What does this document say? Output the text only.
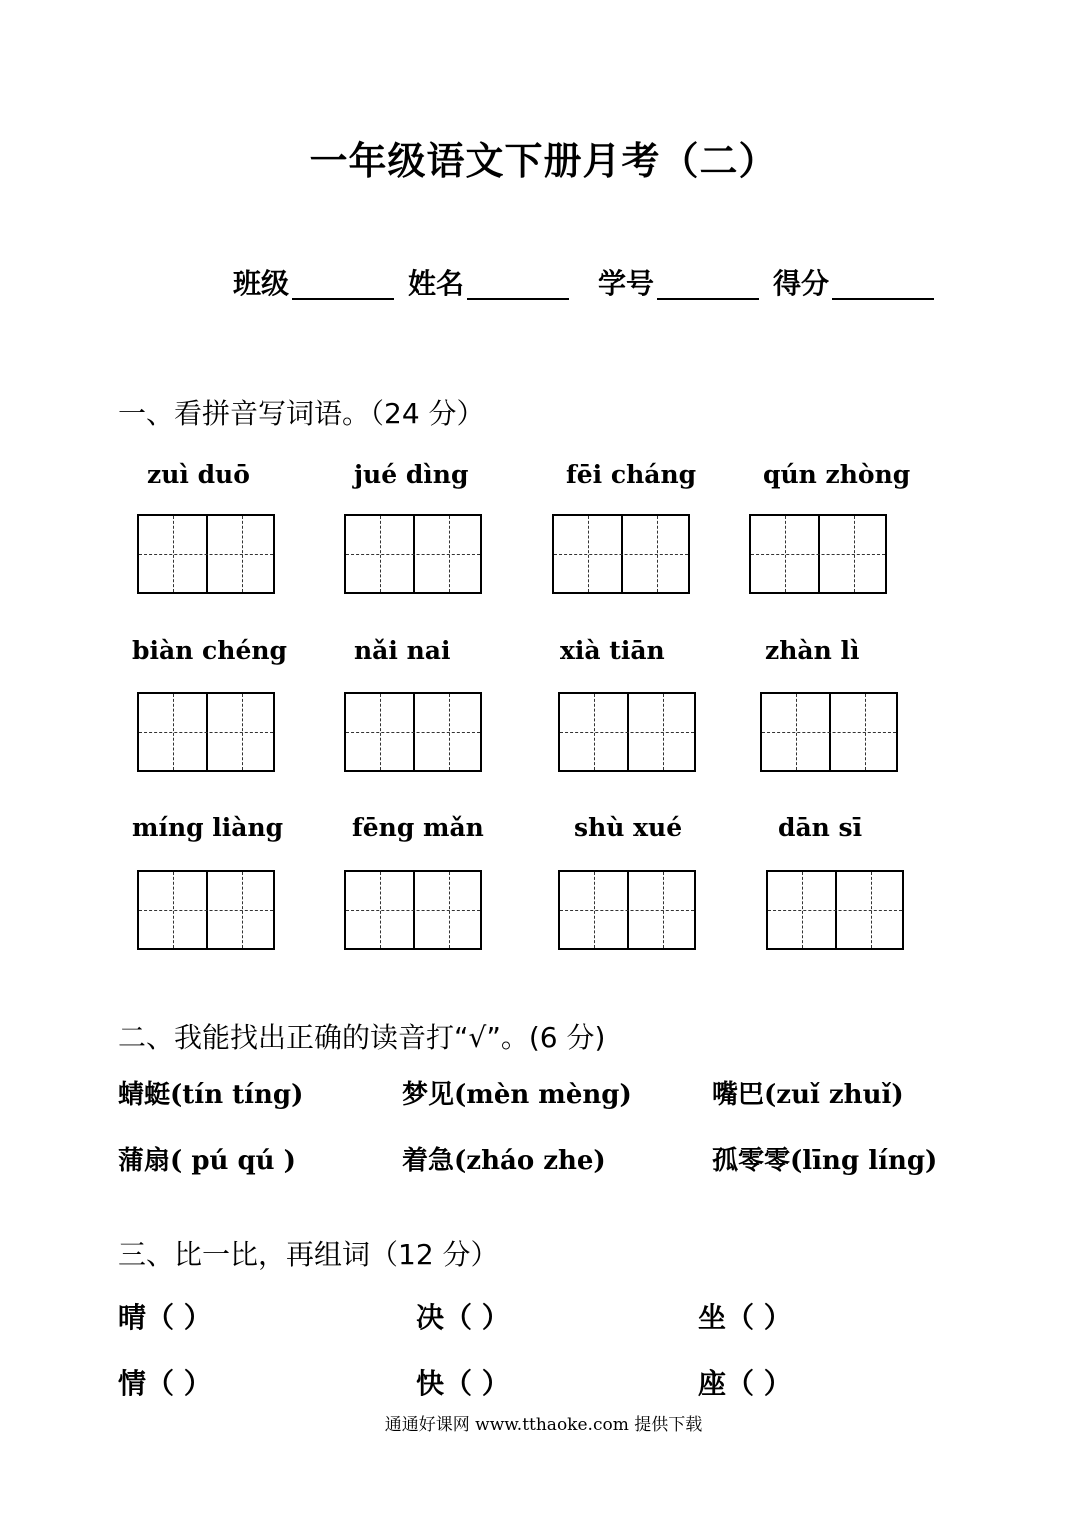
一年级语文下册月考（二）
班级	姓名	学号	得分
一、看拼音写词语。（24 分）
zuì duō	jué dìng	fēi cháng	qún zhòng
biàn chéng	nǎi nai	xià tiān	zhàn lì
míng liàng	fēng mǎn	shù xué	dān sī
二、我能找出正确的读音打“√”。(6 分)
蜻蜓(tín tíng)	梦见(mèn mèng)	嘴巴(zuǐ zhuǐ)
蒲扇( pú qú )	着急(zháo zhe)	孤零零(līng líng)
三、比一比，再组词（12 分）
晴（ ）	决（ ）	坐（ ）
情（ ）	快（ ）	座（ ）
通通好课网 www.tthaoke.com 提供下载
